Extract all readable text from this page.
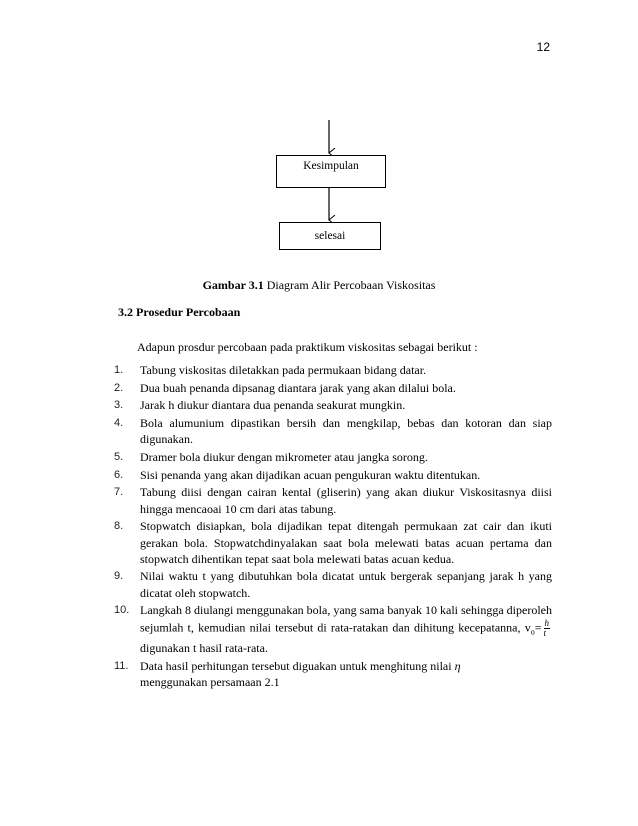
12
Kesimpulan
selesai
Gambar 3.1 Diagram Alir Percobaan Viskositas
3.2 Prosedur Percobaan
Adapun prosdur percobaan pada praktikum viskositas sebagai berikut :
1.	Tabung viskositas diletakkan pada permukaan bidang datar.
2.	Dua buah penanda dipsanag diantara jarak yang akan dilalui bola.
3.	Jarak h diukur diantara dua penanda seakurat mungkin.
4.	Bola alumunium dipastikan bersih dan mengkilap, bebas dan kotoran dan siap digunakan.
5.	Dramer bola diukur dengan mikrometer atau jangka sorong.
6.	Sisi penanda yang akan dijadikan acuan pengukuran waktu ditentukan.
7.	Tabung diisi dengan cairan kental (gliserin) yang akan diukur Viskositasnya diisi hingga mencaoai 10 cm dari atas tabung.
8.	Stopwatch disiapkan, bola dijadikan tepat ditengah permukaan zat cair dan ikuti gerakan bola. Stopwatchdinyalakan saat bola melewati batas acuan pertama dan stopwatch dihentikan tepat saat bola melewati batas acuan kedua.
9.	Nilai waktu t yang dibutuhkan bola dicatat untuk bergerak sepanjang jarak h yang dicatat oleh stopwatch.
10. Langkah 8 diulangi menggunakan bola, yang sama banyak 10 kali sehingga diperoleh sejumlah t, kemudian nilai tersebut di rata-ratakan dan dihitung kecepatanna, $v_o= \frac{h}{t}$
digunakan t hasil rata-rata.
11. Data hasil perhitungan tersebut diguakan untuk menghitung nilai η
menggunakan persamaan 2.1
